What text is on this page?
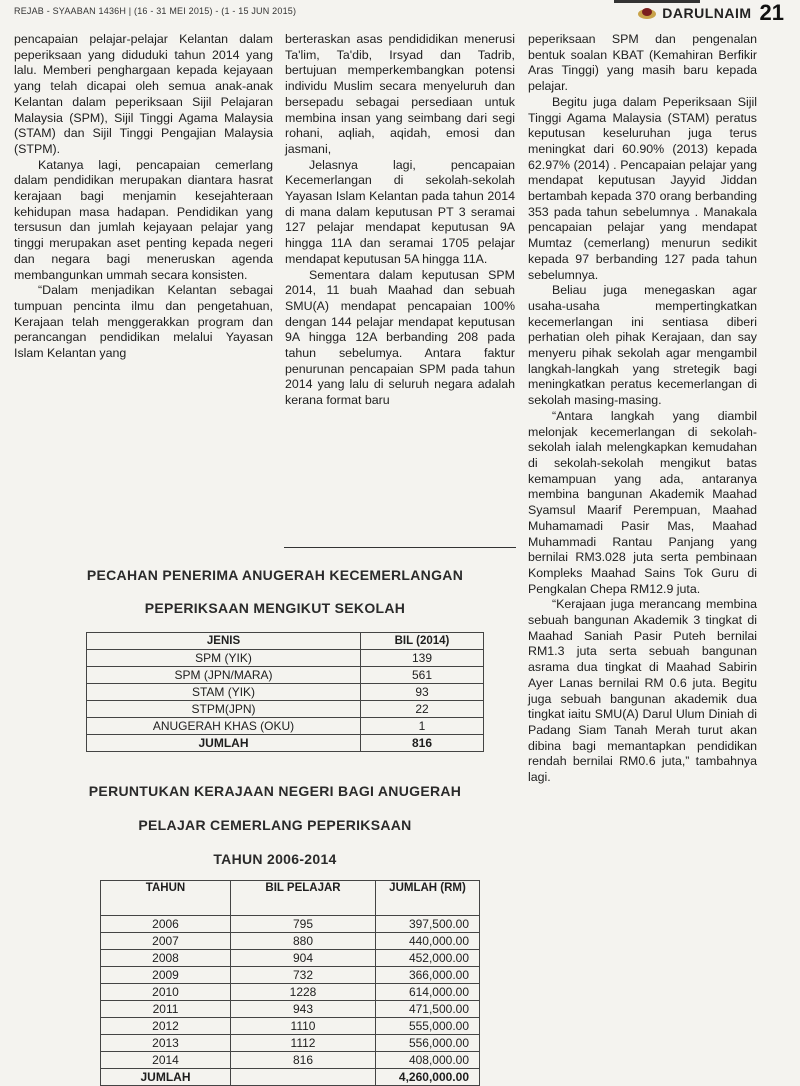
REJAB - SYAABAN 1436H | (16 - 31 MEI 2015) - (1 - 15 JUN 2015)	DARULNAIM 21

pencapaian pelajar-pelajar Kelantan dalam peperiksaan yang diduduki tahun 2014 yang lalu. Memberi penghargaan kepada kejayaan yang telah dicapai oleh semua anak-anak Kelantan dalam peperiksaan Sijil Pelajaran Malaysia (SPM), Sijil Tinggi Agama Malaysia (STAM) dan Sijil Tinggi Pengajian Malaysia (STPM).

Katanya lagi, pencapaian cemerlang dalam pendidikan merupakan diantara hasrat kerajaan bagi menjamin kesejahteraan kehidupan masa hadapan. Pendidikan yang tersusun dan jumlah kejayaan pelajar yang tinggi merupakan aset penting kepada negeri dan negara bagi meneruskan agenda membangunkan ummah secara konsisten.

“Dalam menjadikan Kelantan sebagai tumpuan pencinta ilmu dan pengetahuan, Kerajaan telah menggerakkan program dan perancangan pendidikan melalui Yayasan Islam Kelantan yang

berteraskan asas pendididikan menerusi Ta'lim, Ta'dib, Irsyad dan Tadrib, bertujuan memperkembangkan potensi individu Muslim secara menyeluruh dan bersepadu sebagai persediaan untuk membina insan yang seimbang dari segi rohani, aqliah, aqidah, emosi dan jasmani,

Jelasnya lagi, pencapaian Kecemerlangan di sekolah-sekolah Yayasan Islam Kelantan pada tahun 2014 di mana dalam keputusan PT 3 seramai 127 pelajar mendapat keputusan 9A hingga 11A dan seramai 1705 pelajar mendapat keputusan 5A hingga 11A.

Sementara dalam keputusan SPM 2014, 11 buah Maahad dan sebuah SMU(A) mendapat pencapaian 100% dengan 144 pelajar mendapat keputusan 9A hingga 12A berbanding 208 pada tahun sebelumya. Antara faktur penurunan pencapaian SPM pada tahun 2014 yang lalu di seluruh negara adalah kerana format baru

peperiksaan SPM dan pengenalan bentuk soalan KBAT (Kemahiran Berfikir Aras Tinggi) yang masih baru kepada pelajar.

Begitu juga dalam Peperiksaan Sijil Tinggi Agama Malaysia (STAM) peratus keputusan keseluruhan juga terus meningkat dari 60.90% (2013) kepada 62.97% (2014) . Pencapaian pelajar yang mendapat keputusan Jayyid Jiddan bertambah kepada 370 orang berbanding 353 pada tahun sebelumnya . Manakala pencapaian pelajar yang mendapat Mumtaz (cemerlang) menurun sedikit kepada 97 berbanding 127 pada tahun sebelumnya.

Beliau juga menegaskan agar usaha-usaha mempertingkatkan kecemerlangan ini sentiasa diberi perhatian oleh pihak Kerajaan, dan say menyeru pihak sekolah agar mengambil langkah-langkah yang stretegik bagi meningkatkan peratus kecemerlangan di sekolah masing-masing.

“Antara langkah yang diambil melonjak kecemerlangan di sekolah-sekolah ialah melengkapkan kemudahan di sekolah-sekolah mengikut batas kemampuan yang ada, antaranya membina bangunan Akademik Maahad Syamsul Maarif Perempuan, Maahad Muhamamadi Pasir Mas, Maahad Muhammadi Rantau Panjang yang bernilai RM3.028 juta serta pembinaan Kompleks Maahad Sains Tok Guru di Pengkalan Chepa RM12.9 juta.

“Kerajaan juga merancang membina sebuah bangunan Akademik 3 tingkat di Maahad Saniah Pasir Puteh bernilai RM1.3 juta serta sebuah bangunan asrama dua tingkat di Maahad Sabirin Ayer Lanas bernilai RM 0.6 juta. Begitu juga sebuah bangunan akademik dua tingkat iaitu SMU(A) Darul Ulum Diniah di Padang Siam Tanah Merah turut akan dibina bagi memantapkan pendidikan rendah bernilai RM0.6 juta,” tambahnya lagi.

PECAHAN PENERIMA ANUGERAH KECEMERLANGAN
PEPERIKSAAN MENGIKUT SEKOLAH
JENIS	BIL (2014)
SPM (YIK)	139
SPM (JPN/MARA)	561
STAM (YIK)	93
STPM(JPN)	22
ANUGERAH KHAS (OKU)	1
JUMLAH	816
PERUNTUKAN KERAJAAN NEGERI BAGI ANUGERAH
PELAJAR CEMERLANG PEPERIKSAAN
TAHUN 2006-2014
TAHUN	BIL PELAJAR	JUMLAH (RM)
2006	795	397,500.00
2007	880	440,000.00
2008	904	452,000.00
2009	732	366,000.00
2010	1228	614,000.00
2011	943	471,500.00
2012	1110	555,000.00
2013	1112	556,000.00
2014	816	408,000.00
JUMLAH		4,260,000.00
